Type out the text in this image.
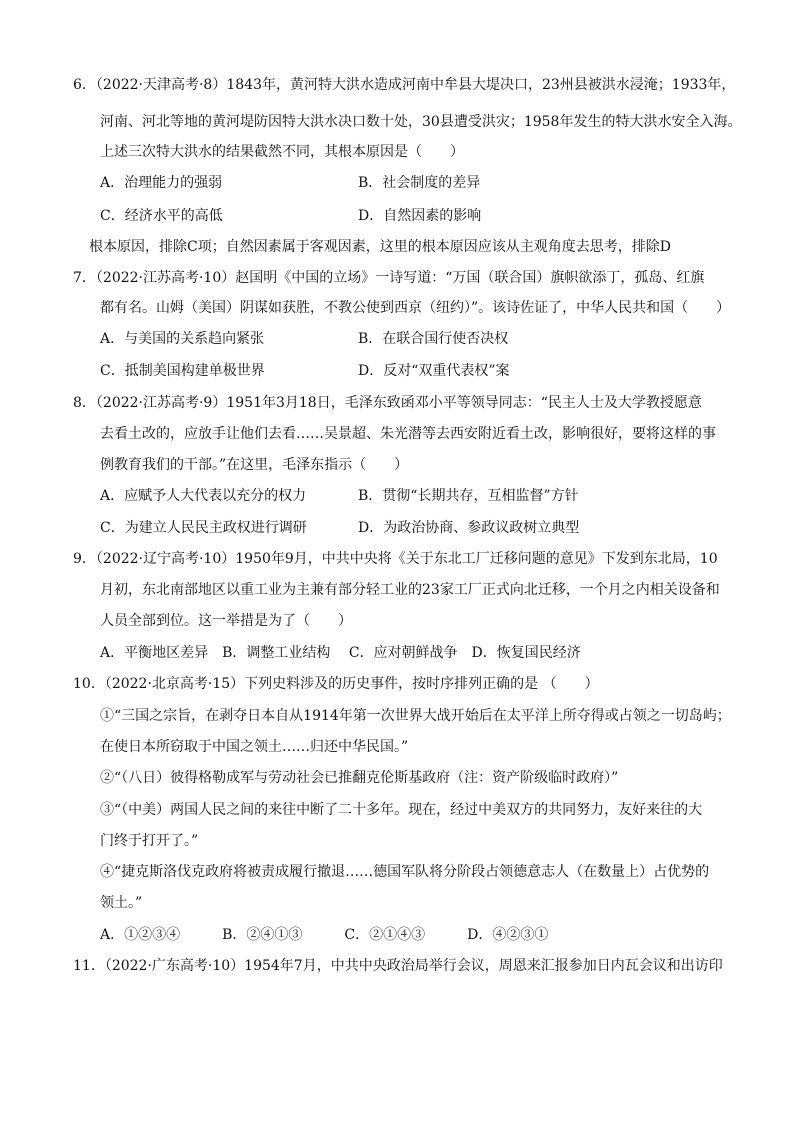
6．（2022·天津高考·8）1843年，黄河特大洪水造成河南中牟县大堤决口，23州县被洪水浸淹；1933年，
河南、河北等地的黄河堤防因特大洪水决口数十处，30县遭受洪灾；1958年发生的特大洪水安全入海。
上述三次特大洪水的结果截然不同，其根本原因是（　　）
A．治理能力的强弱	B．社会制度的差异
C．经济水平的高低	D．自然因素的影响
根本原因，排除C项；自然因素属于客观因素，这里的根本原因应该从主观角度去思考，排除D
7．（2022·江苏高考·10）赵国明《中国的立场》一诗写道：“万国（联合国）旗帜欲添丁，孤岛、红旗
都有名。山姆（美国）阴谋如获胜，不教公使到西京（纽约）”。该诗佐证了，中华人民共和国（　　）
A．与美国的关系趋向紧张	B．在联合国行使否决权
C．抵制美国构建单极世界	D．反对“双重代表权”案
8．（2022·江苏高考·9）1951年3月18日，毛泽东致函邓小平等领导同志：“民主人士及大学教授愿意
去看土改的，应放手让他们去看……吴景超、朱光潜等去西安附近看土改，影响很好，要将这样的事
例教育我们的干部。”在这里，毛泽东指示（　　）
A．应赋予人大代表以充分的权力	B．贯彻“长期共存，互相监督”方针
C．为建立人民民主政权进行调研	D．为政治协商、参政议政树立典型
9．（2022·辽宁高考·10）1950年9月，中共中央将《关于东北工厂迁移问题的意见》下发到东北局，10
月初，东北南部地区以重工业为主兼有部分轻工业的23家工厂正式向北迁移，一个月之内相关设备和
人员全部到位。这一举措是为了（　　）
A．平衡地区差异　B．调整工业结构　 C．应对朝鲜战争　D．恢复国民经济
10．（2022·北京高考·15）下列史料涉及的历史事件，按时序排列正确的是 （　　）
①“三国之宗旨，在剥夺日本自从1914年第一次世界大战开始后在太平洋上所夺得或占领之一切岛屿；
在使日本所窃取于中国之领土……归还中华民国。”
②“（八日）彼得格勒成军与劳动社会已推翻克伦斯基政府（注：资产阶级临时政府）”
③“（中美）两国人民之间的来往中断了二十多年。现在，经过中美双方的共同努力，友好来往的大
门终于打开了。”
④“捷克斯洛伐克政府将被责成履行撤退……德国军队将分阶段占领德意志人（在数量上）占优势的
领土。”
A．①②③④　　　B．②④①③　　　C．②①④③　　　D．④②③①
11．（2022·广东高考·10）1954年7月，中共中央政治局举行会议，周恩来汇报参加日内瓦会议和出访印
